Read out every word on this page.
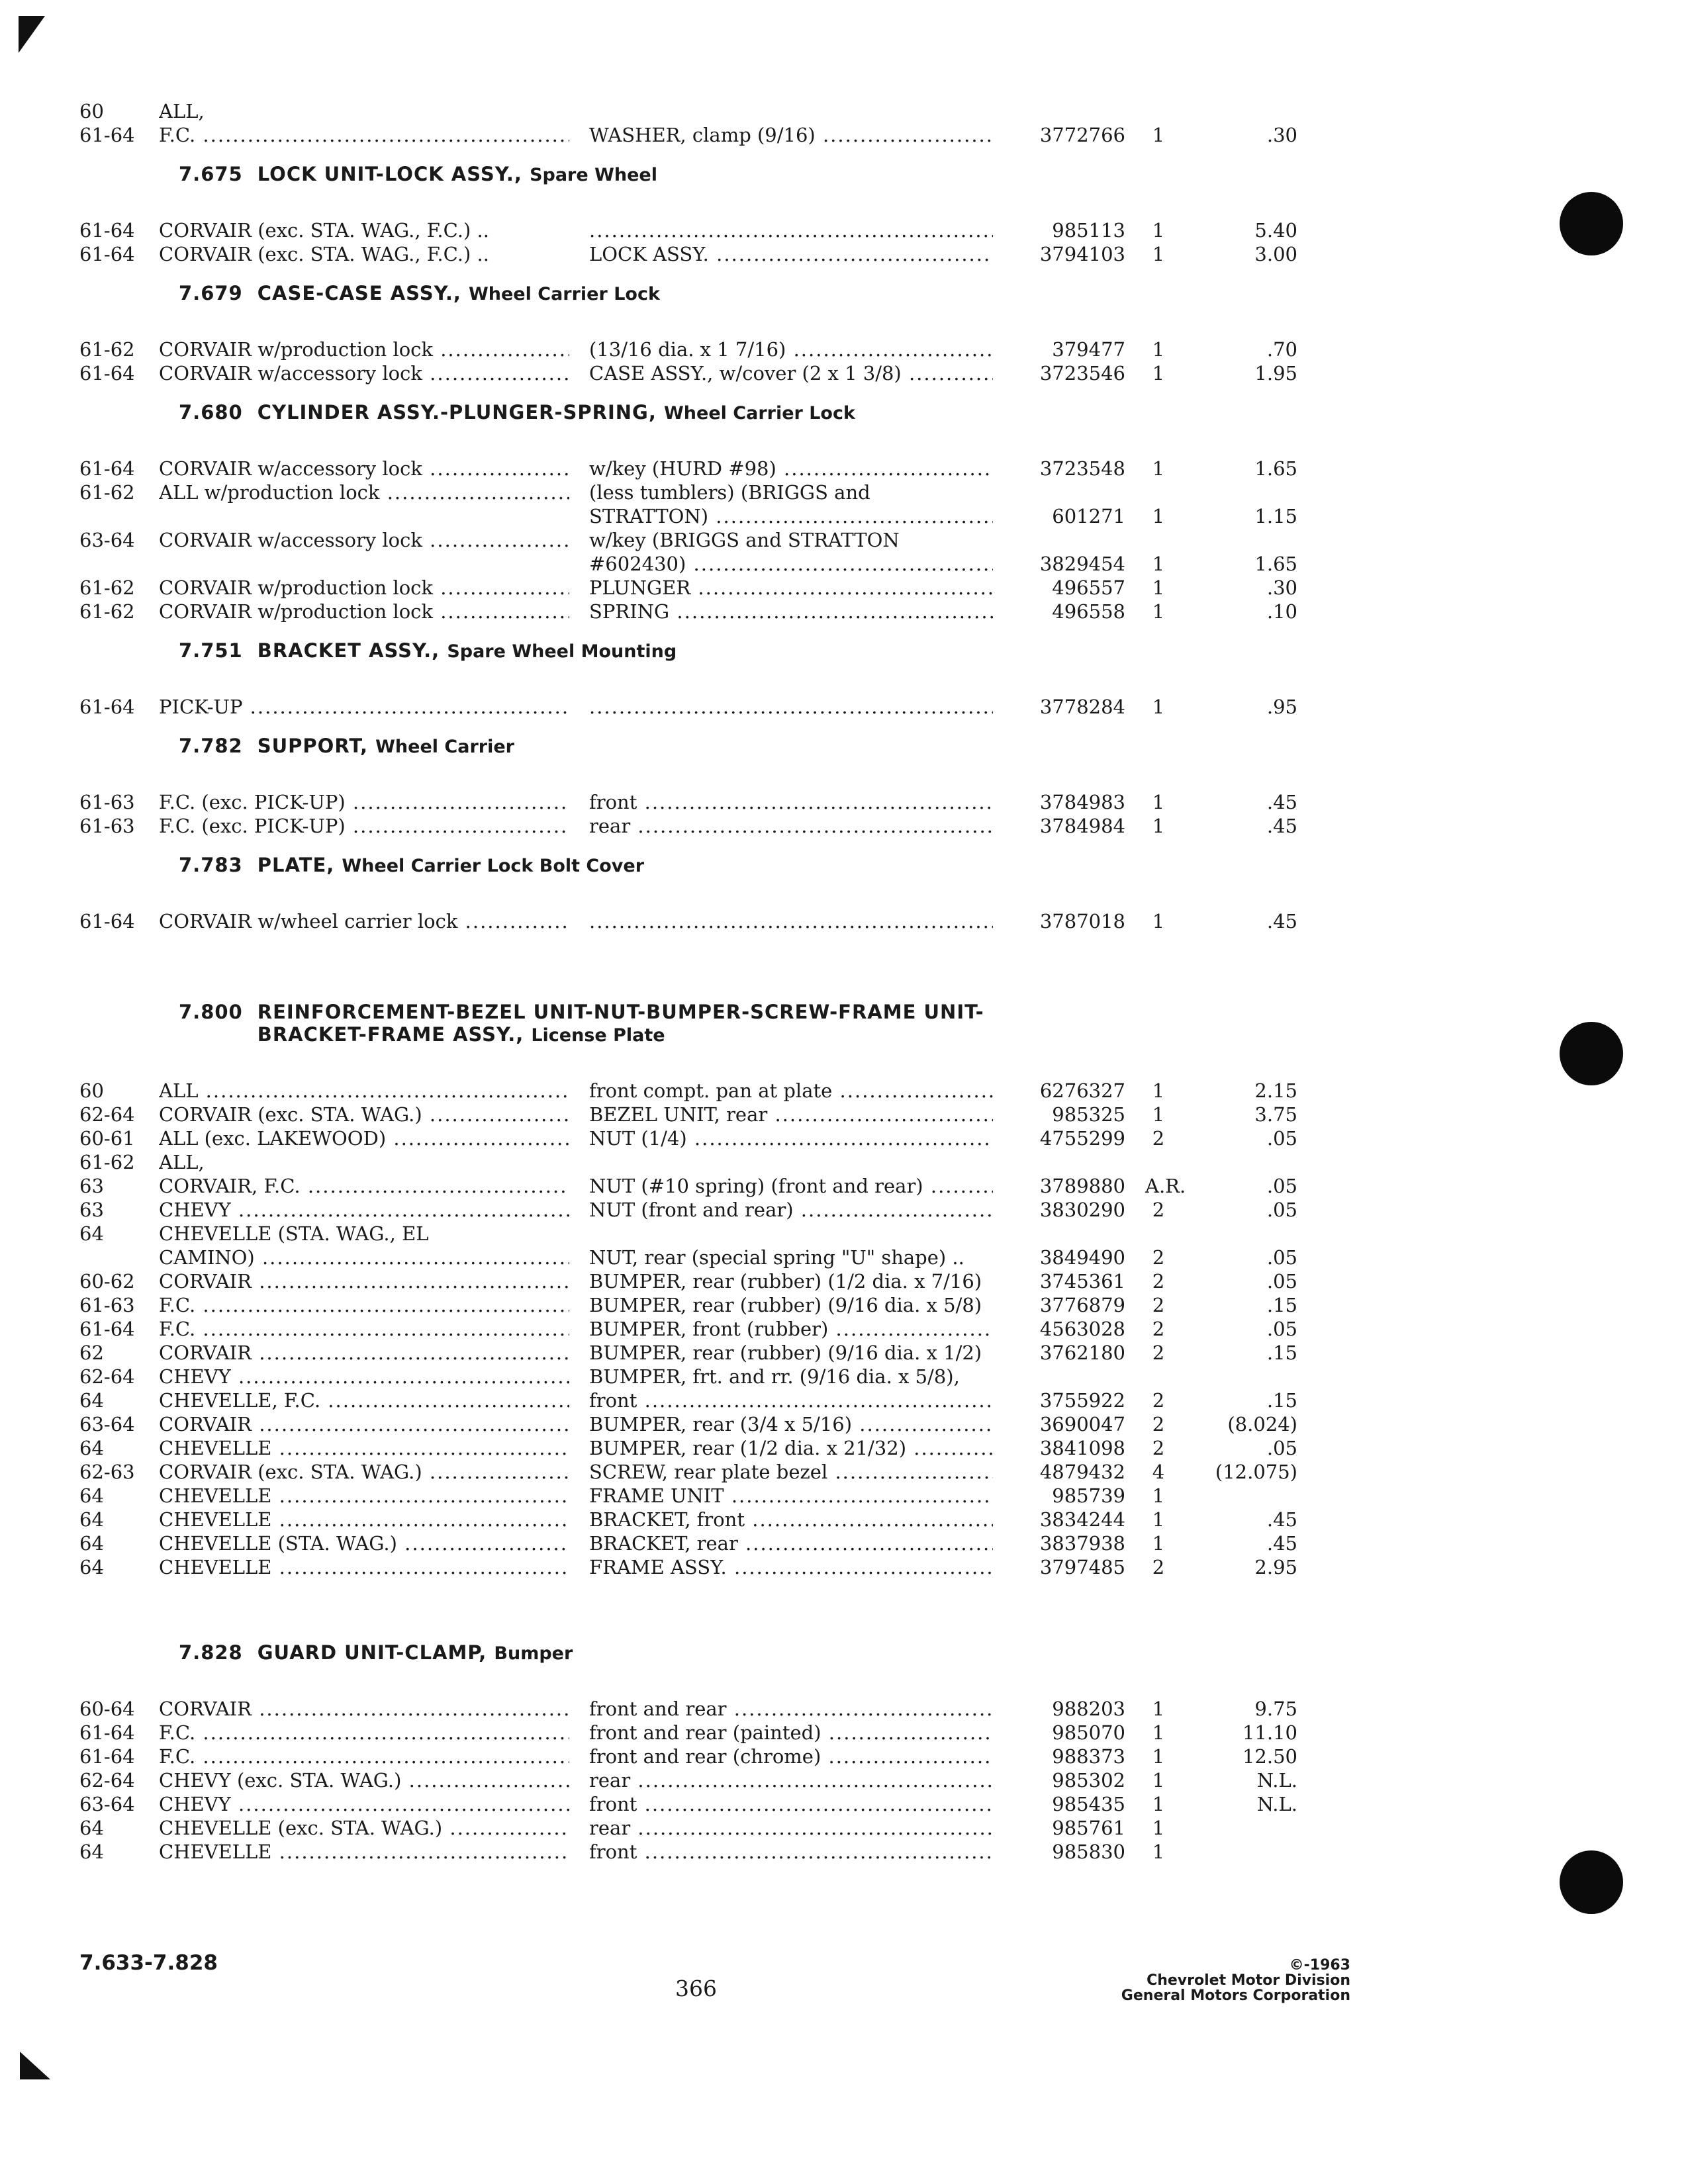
60	ALL,
61-64	F.C. .....	WASHER, clamp (9/16) .....	3772766	1	.30
7.675 LOCK UNIT-LOCK ASSY., Spare Wheel
61-64	CORVAIR (exc. STA. WAG., F.C.) .. .....	985113	1	5.40
61-64	CORVAIR (exc. STA. WAG., F.C.) ..	LOCK ASSY. .....	3794103	1	3.00
7.679 CASE-CASE ASSY., Wheel Carrier Lock
61-62	CORVAIR w/production lock .....	(13/16 dia. x 1 7/16) .....	379477	1	.70
61-64	CORVAIR w/accessory lock .....	CASE ASSY., w/cover (2 x 1 3/8) .....	3723546	1	1.95
7.680 CYLINDER ASSY.-PLUNGER-SPRING, Wheel Carrier Lock
61-64	CORVAIR w/accessory lock .....	w/key (HURD #98) .....	3723548	1	1.65
61-62	ALL w/production lock .....	(less tumblers) (BRIGGS and
STRATTON) .....	601271	1	1.15
63-64	CORVAIR w/accessory lock .....	w/key (BRIGGS and STRATTON
#602430) .....	3829454	1	1.65
61-62	CORVAIR w/production lock .....	PLUNGER .....	496557	1	.30
61-62	CORVAIR w/production lock .....	SPRING .....	496558	1	.10
7.751 BRACKET ASSY., Spare Wheel Mounting
61-64	PICK-UP ..... .....	3778284	1	.95
7.782 SUPPORT, Wheel Carrier
61-63	F.C. (exc. PICK-UP) .....	front .....	3784983	1	.45
61-63	F.C. (exc. PICK-UP) .....	rear .....	3784984	1	.45
7.783 PLATE, Wheel Carrier Lock Bolt Cover
61-64	CORVAIR w/wheel carrier lock ..... .....	3787018	1	.45
7.800 REINFORCEMENT-BEZEL UNIT-NUT-BUMPER-SCREW-FRAME UNIT-
BRACKET-FRAME ASSY., License Plate
60	ALL .....	front compt. pan at plate .....	6276327	1	2.15
62-64	CORVAIR (exc. STA. WAG.) .....	BEZEL UNIT, rear .....	985325	1	3.75
60-61	ALL (exc. LAKEWOOD) .....	NUT (1/4) .....	4755299	2	.05
61-62	ALL,
63	CORVAIR, F.C. .....	NUT (#10 spring) (front and rear) .....	3789880 A.R.	.05
63	CHEVY .....	NUT (front and rear) .....	3830290	2	.05
64	CHEVELLE (STA. WAG., EL
CAMINO) .....	NUT, rear (special spring "U" shape) ..	3849490	2	.05
60-62	CORVAIR .....	BUMPER, rear (rubber) (1/2 dia. x 7/16)	3745361	2	.05
61-63	F.C. .....	BUMPER, rear (rubber) (9/16 dia. x 5/8)	3776879	2	.15
61-64	F.C. .....	BUMPER, front (rubber) .....	4563028	2	.05
62	CORVAIR .....	BUMPER, rear (rubber) (9/16 dia. x 1/2)	3762180	2	.15
62-64	CHEVY .....	BUMPER, frt. and rr. (9/16 dia. x 5/8),
64	CHEVELLE, F.C. .....	front .....	3755922	2	.15
63-64	CORVAIR .....	BUMPER, rear (3/4 x 5/16) .....	3690047	2	(8.024)
64	CHEVELLE .....	BUMPER, rear (1/2 dia. x 21/32) .....	3841098	2	.05
62-63	CORVAIR (exc. STA. WAG.) .....	SCREW, rear plate bezel .....	4879432	4	(12.075)
64	CHEVELLE .....	FRAME UNIT .....	985739	1
64	CHEVELLE .....	BRACKET, front .....	3834244	1	.45
64	CHEVELLE (STA. WAG.) .....	BRACKET, rear .....	3837938	1	.45
64	CHEVELLE .....	FRAME ASSY. .....	3797485	2	2.95
7.828 GUARD UNIT-CLAMP, Bumper
60-64	CORVAIR .....	front and rear .....	988203	1	9.75
61-64	F.C. .....	front and rear (painted) .....	985070	1	11.10
61-64	F.C. .....	front and rear (chrome) .....	988373	1	12.50
62-64	CHEVY (exc. STA. WAG.) .....	rear .....	985302	1	N.L.
63-64	CHEVY .....	front .....	985435	1	N.L.
64	CHEVELLE (exc. STA. WAG.) .....	rear .....	985761	1
64	CHEVELLE .....	front .....	985830	1
7.633-7.828
366
©-1963
Chevrolet Motor Division
General Motors Corporation
